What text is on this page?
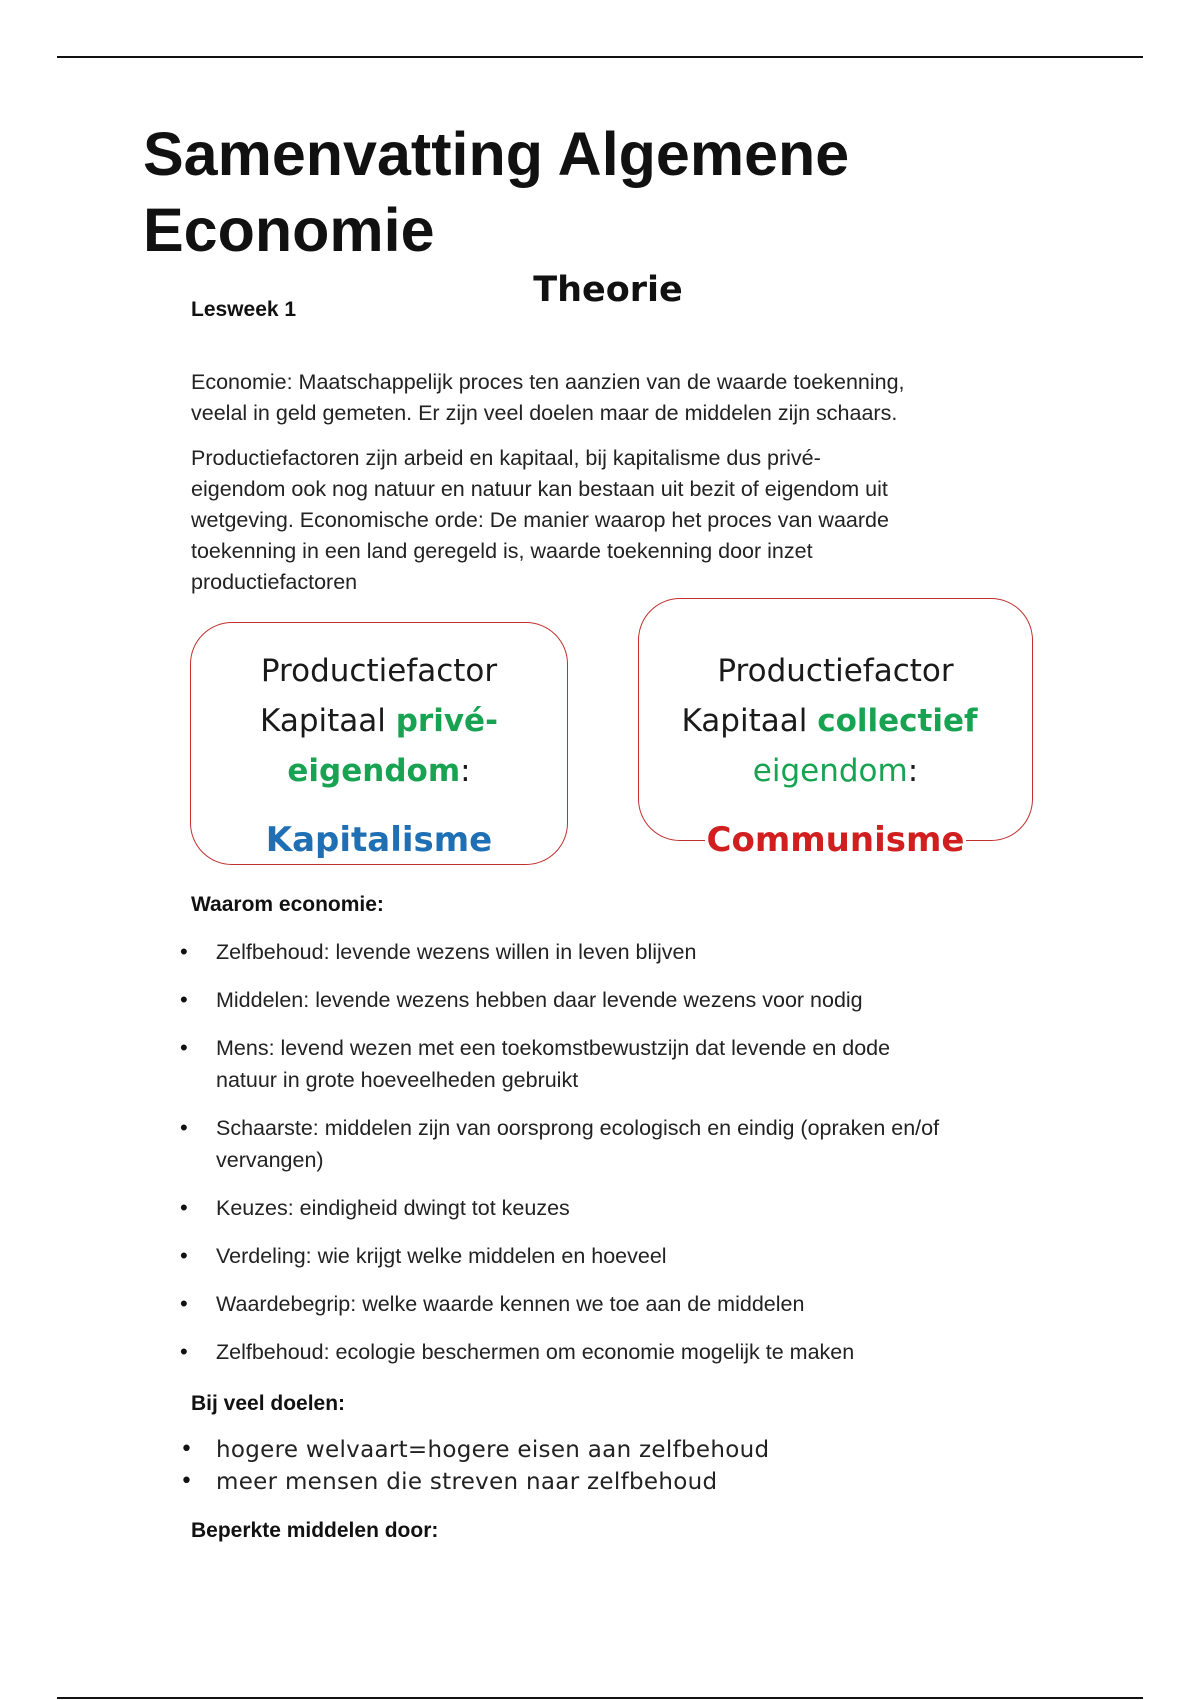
Samenvatting Algemene
Economie
Theorie

Lesweek 1

Economie: Maatschappelijk proces ten aanzien van de waarde toekenning,
veelal in geld gemeten. Er zijn veel doelen maar de middelen zijn schaars.

Productiefactoren zijn arbeid en kapitaal, bij kapitalisme dus privé-
eigendom ook nog natuur en natuur kan bestaan uit bezit of eigendom uit
wetgeving. Economische orde: De manier waarop het proces van waarde
toekenning in een land geregeld is, waarde toekenning door inzet
productiefactoren

Productiefactor
Kapitaal privé-
eigendom:

Kapitalisme

Productiefactor
Kapitaal collectief
eigendom:

Communisme

Waarom economie:

• Zelfbehoud: levende wezens willen in leven blijven
• Middelen: levende wezens hebben daar levende wezens voor nodig
• Mens: levend wezen met een toekomstbewustzijn dat levende en dode
natuur in grote hoeveelheden gebruikt
• Schaarste: middelen zijn van oorsprong ecologisch en eindig (opraken en/of
vervangen)
• Keuzes: eindigheid dwingt tot keuzes
• Verdeling: wie krijgt welke middelen en hoeveel
• Waardebegrip: welke waarde kennen we toe aan de middelen
• Zelfbehoud: ecologie beschermen om economie mogelijk te maken

Bij veel doelen:

• hogere welvaart=hogere eisen aan zelfbehoud
• meer mensen die streven naar zelfbehoud

Beperkte middelen door:
